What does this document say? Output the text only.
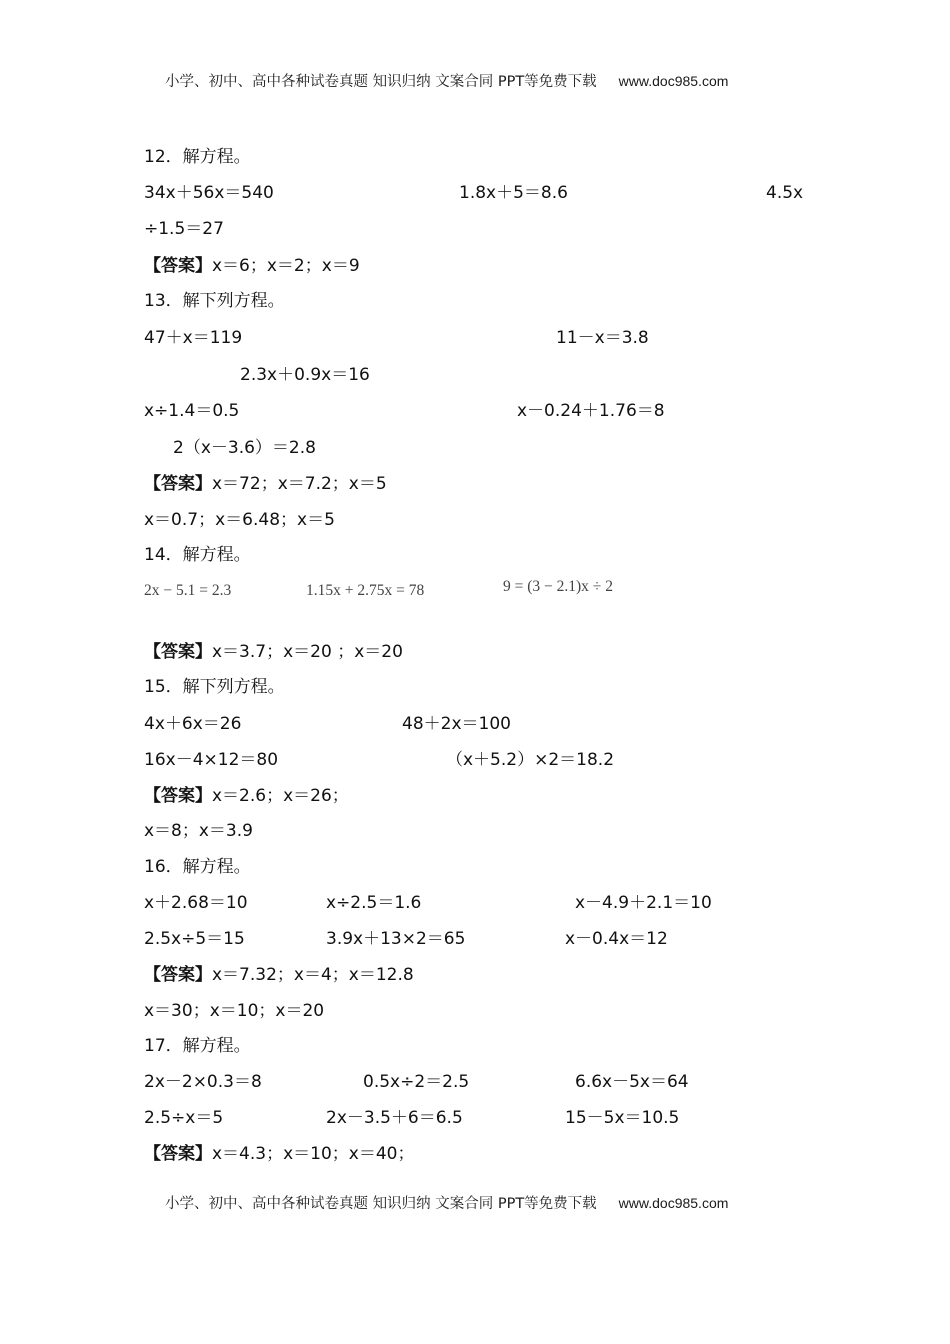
小学、初中、高中各种试卷真题 知识归纳 文案合同 PPT等免费下载 www.doc985.com
12．解方程。
34x＋56x＝540	1.8x＋5＝8.6	4.5x
÷1.5＝27
【答案】x＝6；x＝2；x＝9
13．解下列方程。
47＋x＝119	11－x＝3.8
2.3x＋0.9x＝16
x÷1.4＝0.5	x－0.24＋1.76＝8
2（x－3.6）＝2.8
【答案】x＝72；x＝7.2；x＝5
x＝0.7；x＝6.48；x＝5
14．解方程。
2x − 5.1 = 2.3	1.15x + 2.75x = 78	9 = (3 − 2.1)x ÷ 2
【答案】x＝3.7；x＝20 ；x＝20
15．解下列方程。
4x＋6x＝26	48＋2x＝100
16x－4×12＝80	（x＋5.2）×2＝18.2
【答案】x＝2.6；x＝26；
x＝8；x＝3.9
16．解方程。
x＋2.68＝10	x÷2.5＝1.6	x－4.9＋2.1＝10
2.5x÷5＝15	3.9x＋13×2＝65	x－0.4x＝12
【答案】x＝7.32；x＝4；x＝12.8
x＝30；x＝10；x＝20
17．解方程。
2x－2×0.3＝8	0.5x÷2＝2.5	6.6x－5x＝64
2.5÷x＝5	2x－3.5＋6＝6.5	15－5x＝10.5
【答案】x＝4.3；x＝10；x＝40；
小学、初中、高中各种试卷真题 知识归纳 文案合同 PPT等免费下载 www.doc985.com
